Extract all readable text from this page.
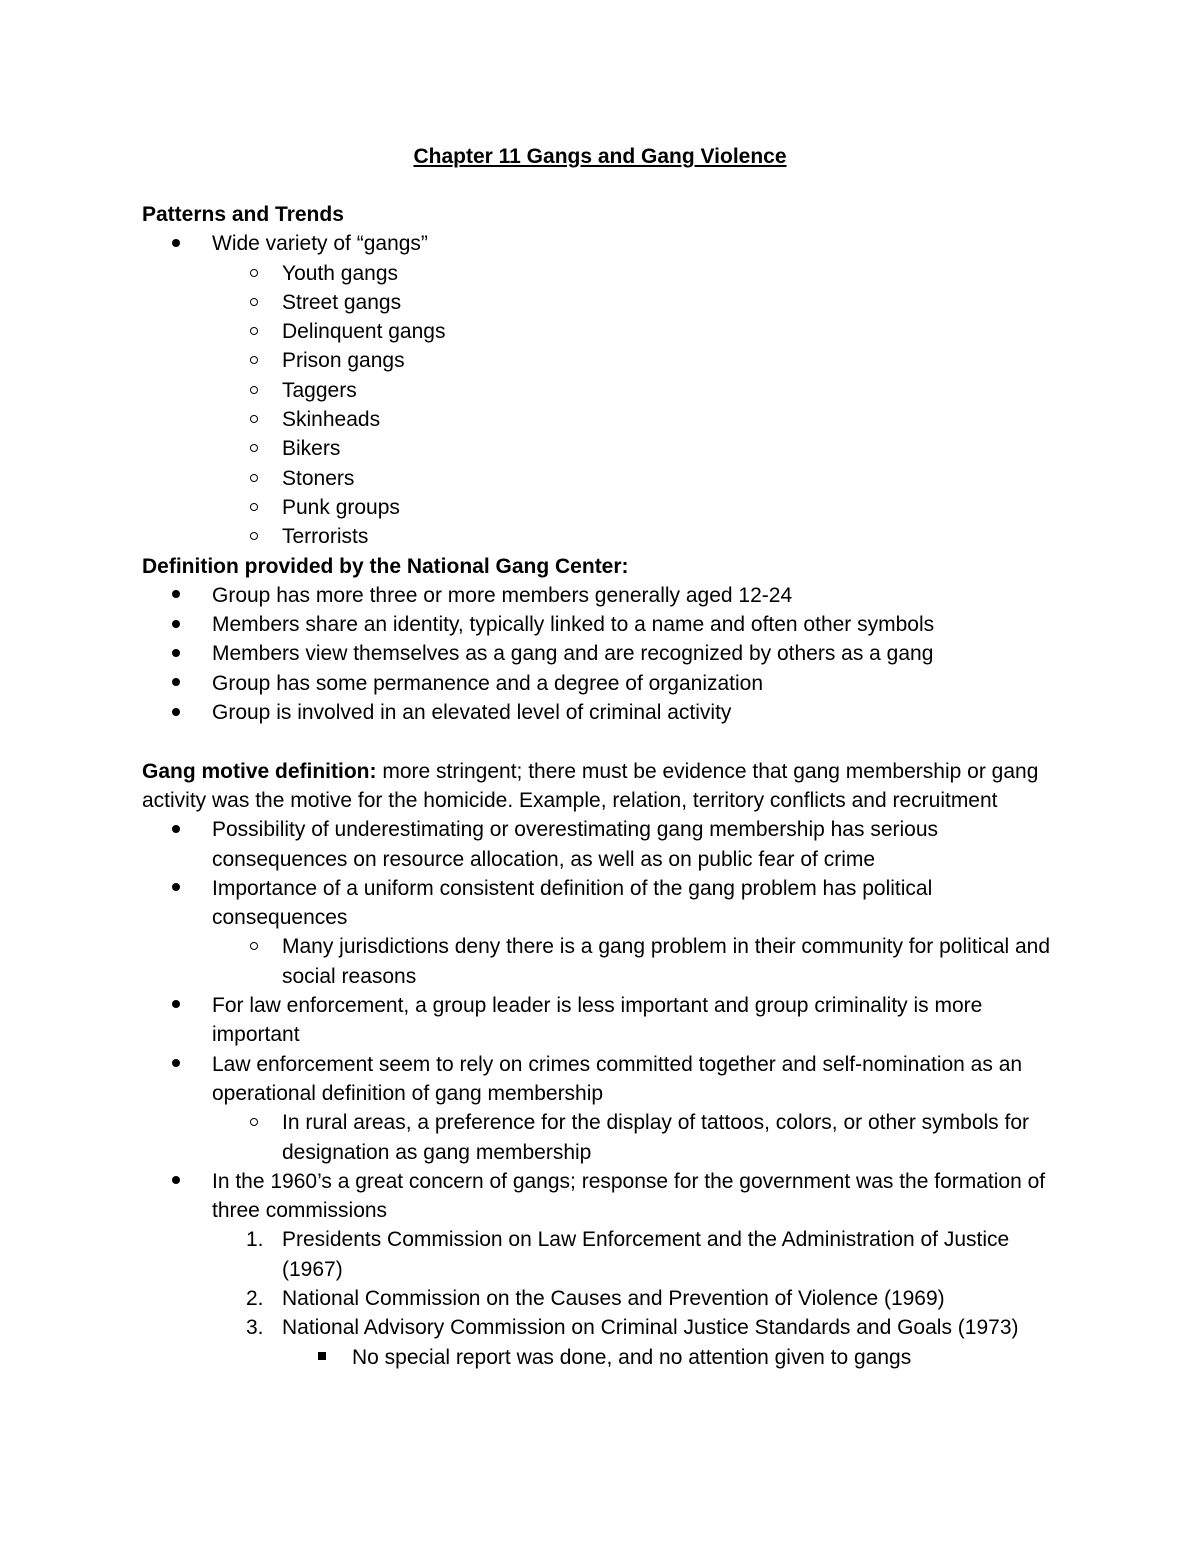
Chapter 11 Gangs and Gang Violence
Patterns and Trends
Wide variety of “gangs”
Youth gangs
Street gangs
Delinquent gangs
Prison gangs
Taggers
Skinheads
Bikers
Stoners
Punk groups
Terrorists
Definition provided by the National Gang Center:
Group has more three or more members generally aged 12-24
Members share an identity, typically linked to a name and often other symbols
Members view themselves as a gang and are recognized by others as a gang
Group has some permanence and a degree of organization
Group is involved in an elevated level of criminal activity
Gang motive definition: more stringent; there must be evidence that gang membership or gang activity was the motive for the homicide. Example, relation, territory conflicts and recruitment
Possibility of underestimating or overestimating gang membership has serious consequences on resource allocation, as well as on public fear of crime
Importance of a uniform consistent definition of the gang problem has political consequences
Many jurisdictions deny there is a gang problem in their community for political and social reasons
For law enforcement, a group leader is less important and group criminality is more important
Law enforcement seem to rely on crimes committed together and self-nomination as an operational definition of gang membership
In rural areas, a preference for the display of tattoos, colors, or other symbols for designation as gang membership
In the 1960’s a great concern of gangs; response for the government was the formation of three commissions
1. Presidents Commission on Law Enforcement and the Administration of Justice (1967)
2. National Commission on the Causes and Prevention of Violence (1969)
3. National Advisory Commission on Criminal Justice Standards and Goals (1973)
No special report was done, and no attention given to gangs
